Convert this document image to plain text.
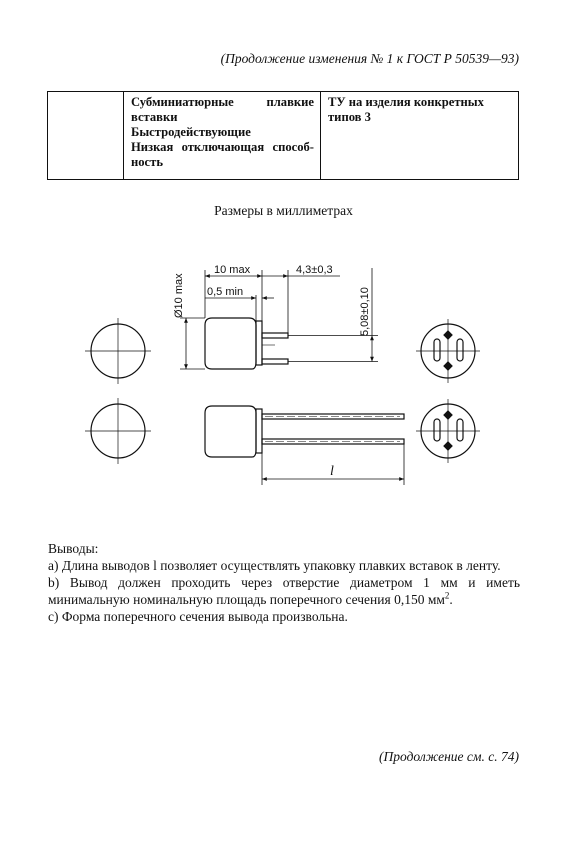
(Продолжение изменения № 1 к ГОСТ Р 50539—93)

Субминиатюрные плавкие
вставки
Быстродействующие
Низкая отключающая способ-
ность

ТУ на изделия конкретных
типов 3
Размеры в миллиметрах
10 max	4,3±0,3
0,5 min
Ø10 max	5,08±0,10
l

Выводы:

а) Длина выводов l позволяет осуществлять упаковку плавких вставок в ленту.

b) Вывод должен проходить через отверстие диаметром 1 мм и иметь минимальную номинальную площадь поперечного сечения 0,150 $мм^2$.

c) Форма поперечного сечения вывода произвольна.

(Продолжение см. с. 74)
